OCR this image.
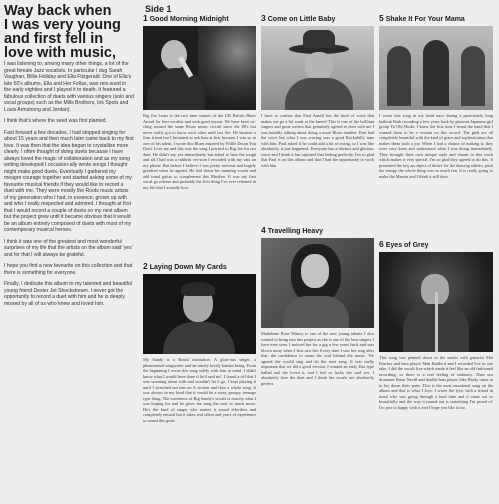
Way back when
I was very young
and first fell in
love with music,

I was listening to, among many other things, a lot of the great female Jazz vocalists. In particular I dug Sarah Vaughan, Billie Holiday and Ella Fitzgerald. One of Ella's late 50's albums, Ella and Her Fellas, was reis-sued in the early eighties and I played it to death. It featured a fabulous collection of duets with various singers (solo and vocal groups) such as the Mills Brothers, Ink Spots and Louis Armstrong and Jordan).

I think that's where the seed was first planted.

Fast forward a few decades, I had stopped singing for about 15 years and then much later came back to my first love. It was then that the idea began to crystallise more clearly. I often thought of doing duets because I have always loved the magic of collaboration and as my song writing developed I occasion-ally wrote songs I thought might make good duets. Eventually I gathered my meagre courage together and started asking some of my favourite musical friends if they would like to record a duet with me. They were mostly the Roots music artists of my generation who I had, in essence, grown up with and who I really respected and admired. I thought at first that I would record a couple of duets on my next album but the project grew until it became obvious that it would be an album entirely composed of duets with most of my contemporary musical heroes.

I think it was one of the greatest and most wonderful surprises of my life that the artists on the album said 'yes' and for that I will always be grateful.

I hope you find a new favourite on this collection and that there is something for everyone.

Finally, I dedicate this album to my talented and beautiful young friend Dexter Jet Shockstream. I never got the opportunity to record a duet with him and he is deeply missed by all of us who knew and loved him.

Side 1
1 Good Morning Midnight

Big Joe Louis is the two time winner of the UK British Blues Award for best vocalist and with good reason. We have been cir-cling around the same Roots music circuit since the 80's but never really got to know each other until last life. He became a firm friend but I hesitated to ask him at first because I was so in awe of his talent. I wrote this Blues inspired by Willie Dixon You Don't Love me and this was the song I pitched to Big Joe for our duet. He didn't say yes immediately but asked to hear the rough and all I had was a rubbish ver-sion I recorded with my cats on my phone. But before I believe I was pretty nervous and hugely gratified when he agreed. He laid down his stunning vocals and add tonal guitar to complement this Rhythm. It was my first vocal go release and probably the first thing I've ever released in my life that I actually love.

2 Laying Down My Cards

My Sandy is a Brazil institution. A glori-ous singer, a phenomenal songwriter and an utterly lovely human being. From the beginning I wrote this song solely with him in mind. I didn't know what I would have done if he'd said no!. I found a riff that I was sweating about with and wouldn't let it go. I kept playing it until I stretched out into an A section and then a whole song. It was always in my head that it would be a story, groupy, teenage type thing. The sweetness of Big Sandy's vocals is exactly what I was hoping for and he gives the song the soul so much more. He's the kind of singer who makes it sound effortless and completely natural but it takes real talent and years of experience to sound this great.

3 Come on Little Baby

I have to confess that Paul Ansell has the kind of voice that makes me go a bit weak at the knees! This is one of the brilliant singers and great writers that genuinely agreed to duet with me I was initially talking about doing a more Blues number. Paul had the voice but what I was craving was a good Rockabilly tune with him. Paul asked if he could add a bit of swing, so I was like absolutely, it just happened. Everyone has a distinct and glorious voice and I think it has captured that feeling perfectly. I'm so glad that Paul is on this album and that I had the opportunity to work with him.

4 Travelling Heavy

Madeleine Rose Witney is one of the new young talents I also wanted to bring into this project as she is one of the best singers I have ever seen. I noticed her for a gig a few years back and was blown away when I first saw her. Every time I saw her sing after that, the confidence to sense the soul behind the music. We agreed she would sing and do the next song. It was really important that we did a good version. I wanted an early Etta type ballad and she loved it, and I feel so lucky she said yes. I absolutely love the duet and I think her vocals are absolutely perfect.

5 Shake It For Your Mama

I wrote this song in my head once during a particularly long bathtub Bath recording a few years back by glorious Japanese girl group Yu Ohi Hoshi. I knew the first time I heard the band that I wanted them to be a version on this record. The girls are all completely beautiful with the kind of grace and sophistication that makes them such a joy. When I had a chance of making it, they were very keen and understood what I was doing immediately. They brought their own unique style and charm to this track which makes it very special. I'm so glad they agreed to do this. It presented the key an object of desire for the dancing stiletto, push the energy the whole thing was so much fun. It is really going to make the Mamas and I think it still does.

6 Eyes of Grey

This song was penned down in the studio with guitarist Mal Barclay and bass player Matt Radford and I recorded live in one take. I did the vocals live which made it feel like an old fashioned recording, so there is a real feeling of intimacy. Then our drummer Brian Nevill and double bass player Jake Brady came in to lay down their parts. This is the most emotional song on the album and that is what I love. I wrote the lyric with a friend in mind who was going through a hard time and it came out so beautifully and the way it turned out is something I'm proud of. I'm just so happy with it and I hope you like it too.
